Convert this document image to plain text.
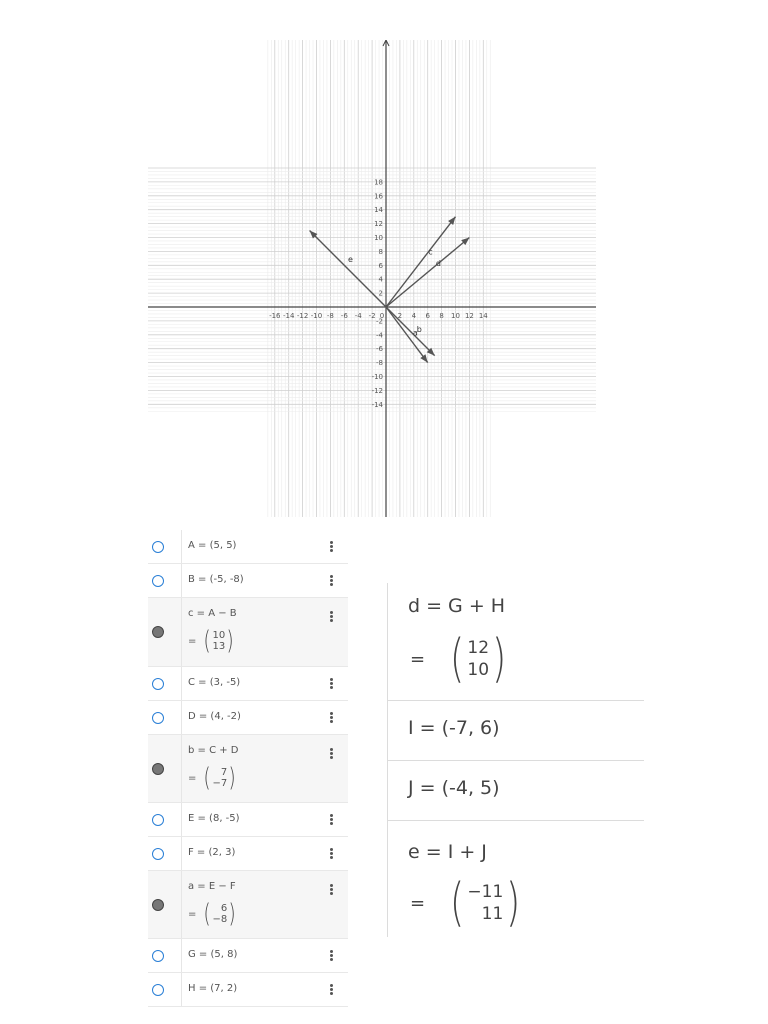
-16 -14 -12 -10 -8 -6 -4 -2 0 2 4 6 8 10 12 14
18
16
14
12
10
8
6
4
2
-2
-4
-6
-8
-10
-12
-14
c
d
e
b
a
A = (5, 5)
B = (-5, -8)
c = A − B
= ( 10
13 )
C = (3, -5)
D = (4, -2)
b = C + D
= ( 7
−7 )
E = (8, -5)
F = (2, 3)
a = E − F
= ( 6
−8 )
G = (5, 8)
H = (7, 2)
d = G + H
= ( 12
10 )
I = (-7, 6)
J = (-4, 5)
e = I + J
= ( −11
11 )
